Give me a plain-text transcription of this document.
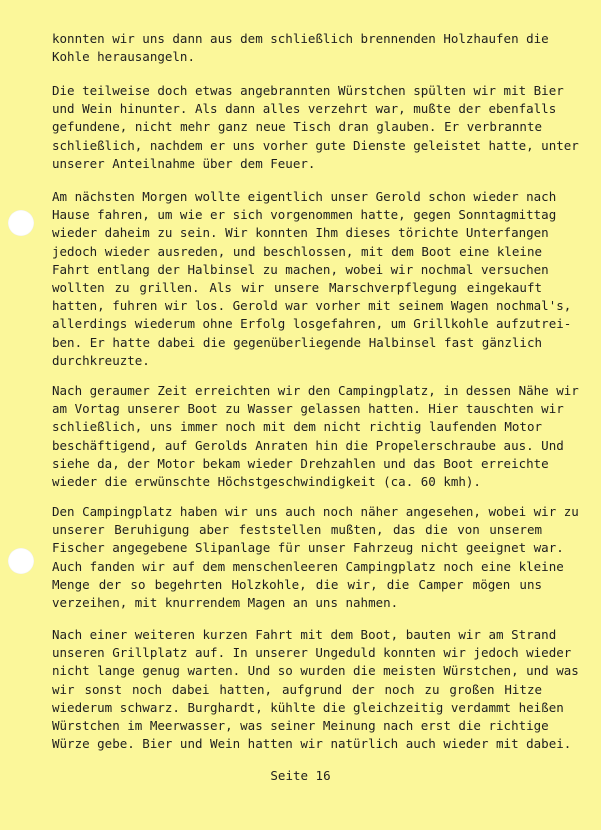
konnten wir uns dann aus dem schließlich brennenden Holzhaufen die
Kohle herausangeln.
Die teilweise doch etwas angebrannten Würstchen spülten wir mit Bier
und Wein hinunter. Als dann alles verzehrt war, mußte der ebenfalls
gefundene, nicht mehr ganz neue Tisch dran glauben. Er verbrannte
schließlich, nachdem er uns vorher gute Dienste geleistet hatte, unter
unserer Anteilnahme über dem Feuer.
Am nächsten Morgen wollte eigentlich unser Gerold schon wieder nach
Hause fahren, um wie er sich vorgenommen hatte, gegen Sonntagmittag
wieder daheim zu sein. Wir konnten Ihm dieses törichte Unterfangen
jedoch wieder ausreden, und beschlossen, mit dem Boot eine kleine
Fahrt entlang der Halbinsel zu machen, wobei wir nochmal versuchen
wollten zu grillen. Als wir unsere Marschverpflegung eingekauft
hatten, fuhren wir los. Gerold war vorher mit seinem Wagen nochmal's,
allerdings wiederum ohne Erfolg losgefahren, um Grillkohle aufzutrei-
ben. Er hatte dabei die gegenüberliegende Halbinsel fast gänzlich
durchkreuzte.
Nach geraumer Zeit erreichten wir den Campingplatz, in dessen Nähe wir
am Vortag unserer Boot zu Wasser gelassen hatten. Hier tauschten wir
schließlich, uns immer noch mit dem nicht richtig laufenden Motor
beschäftigend, auf Gerolds Anraten hin die Propelerschraube aus. Und
siehe da, der Motor bekam wieder Drehzahlen und das Boot erreichte
wieder die erwünschte Höchstgeschwindigkeit (ca. 60 kmh).
Den Campingplatz haben wir uns auch noch näher angesehen, wobei wir zu
unserer Beruhigung aber feststellen mußten, das die von unserem
Fischer angegebene Slipanlage für unser Fahrzeug nicht geeignet war.
Auch fanden wir auf dem menschenleeren Campingplatz noch eine kleine
Menge der so begehrten Holzkohle, die wir, die Camper mögen uns
verzeihen, mit knurrendem Magen an uns nahmen.
Nach einer weiteren kurzen Fahrt mit dem Boot, bauten wir am Strand
unseren Grillplatz auf. In unserer Ungeduld konnten wir jedoch wieder
nicht lange genug warten. Und so wurden die meisten Würstchen, und was
wir sonst noch dabei hatten, aufgrund der noch zu großen Hitze
wiederum schwarz. Burghardt, kühlte die gleichzeitig verdammt heißen
Würstchen im Meerwasser, was seiner Meinung nach erst die richtige
Würze gebe. Bier und Wein hatten wir natürlich auch wieder mit dabei.
Seite 16
